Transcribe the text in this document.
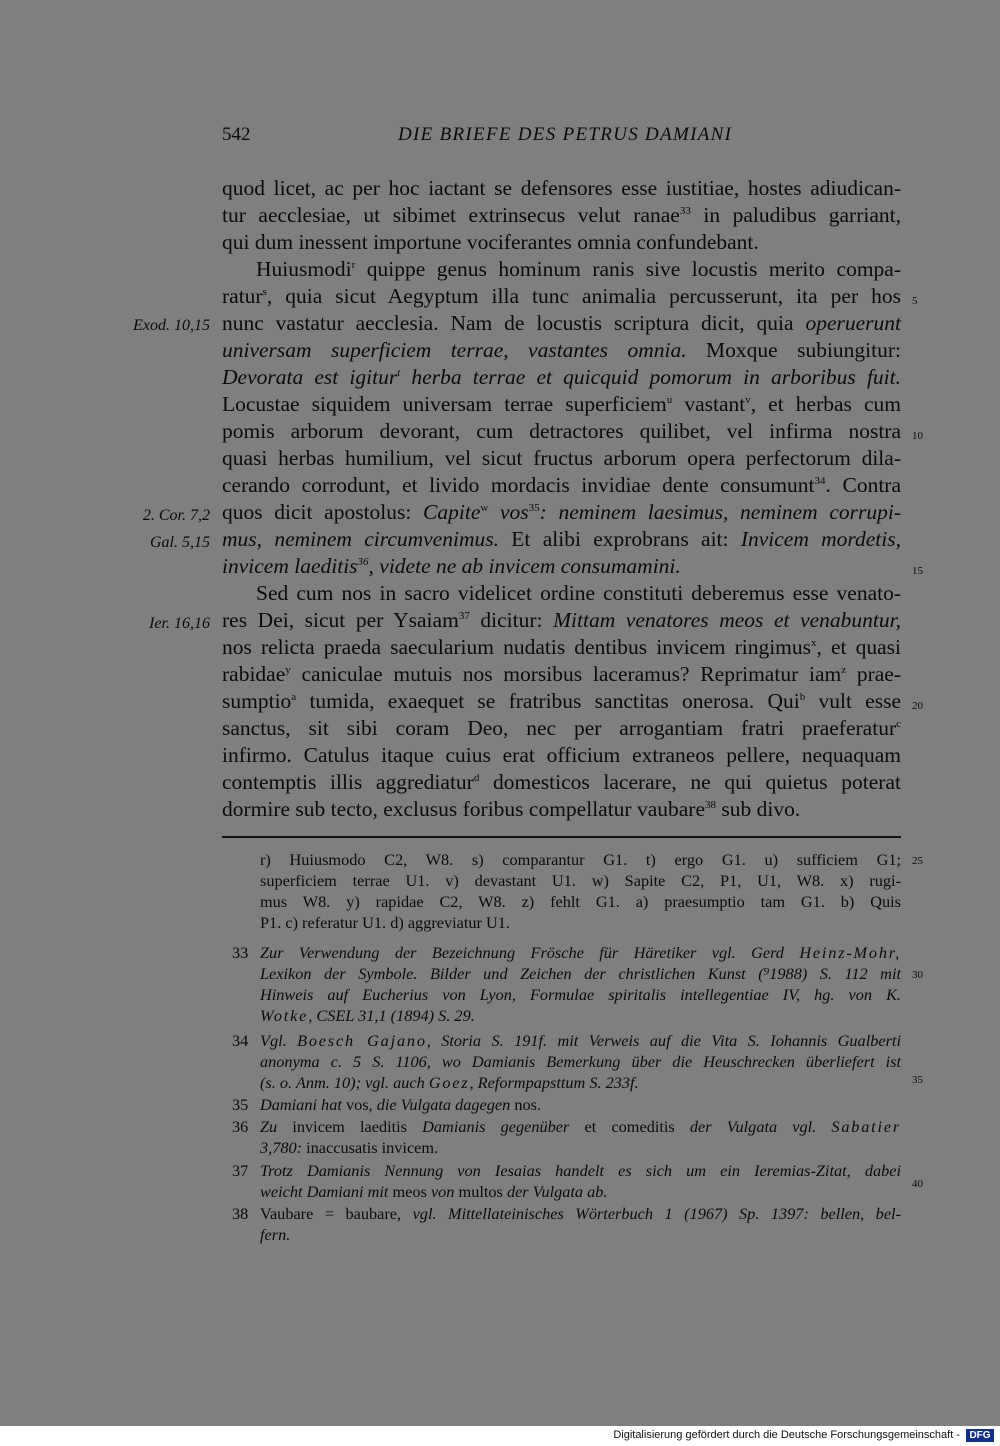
542	DIE BRIEFE DES PETRUS DAMIANI
quod licet, ac per hoc iactant se defensores esse iustitiae, hostes adiudican-
tur aecclesiae, ut sibimet extrinsecus velut ranae$^{33}$ in paludibus garriant,
qui dum inessent importune vociferantes omnia confundebant.
Huiusmodi$^r$ quippe genus hominum ranis sive locustis merito compa-
ratur$^s$, quia sicut Aegyptum illa tunc animalia percusserunt, ita per hos
nunc vastatur aecclesia. Nam de locustis scriptura dicit, quia operuerunt
universam superficiem terrae, vastantes omnia. Moxque subiungitur:
Devorata est igitur$^t$ herba terrae et quicquid pomorum in arboribus fuit.
Locustae siquidem universam terrae superficiem$^u$ vastant$^v$, et herbas cum
pomis arborum devorant, cum detractores quilibet, vel infirma nostra
quasi herbas humilium, vel sicut fructus arborum opera perfectorum dila-
cerando corrodunt, et livido mordacis invidiae dente consumunt$^{34}$. Contra
quos dicit apostolus: Capite$^w$ vos$^{35}$: neminem laesimus, neminem corrupi-
mus, neminem circumvenimus. Et alibi exprobrans ait: Invicem mordetis,
invicem laeditis$^{36}$, videte ne ab invicem consumamini.
Sed cum nos in sacro videlicet ordine constituti deberemus esse venato-
res Dei, sicut per Ysaiam$^{37}$ dicitur: Mittam venatores meos et venabuntur,
nos relicta praeda saecularium nudatis dentibus invicem ringimus$^x$, et quasi
rabidae$^y$ caniculae mutuis nos morsibus laceramus? Reprimatur iam$^z$ prae-
sumptio$^a$ tumida, exaequet se fratribus sanctitas onerosa. Qui$^b$ vult esse
sanctus, sit sibi coram Deo, nec per arrogantiam fratri praeferatur$^c$
infirmo. Catulus itaque cuius erat officium extraneos pellere, nequaquam
contemptis illis aggrediatur$^d$ domesticos lacerare, ne qui quietus poterat
dormire sub tecto, exclusus foribus compellatur vaubare$^{38}$ sub divo.
Exod. 10,15
2. Cor. 7,2
Gal. 5,15
Ier. 16,16
5
10
15
20
25
30
35
40
r) Huiusmodo C2, W8. s) comparantur G1. t) ergo G1. u) sufficiem G1;
superficiem terrae U1. v) devastant U1. w) Sapite C2, P1, U1, W8. x) rugi-
mus W8. y) rapidae C2, W8. z) fehlt G1. a) praesumptio tam G1. b) Quis
P1. c) referatur U1. d) aggreviatur U1.
33 Zur Verwendung der Bezeichnung Frösche für Häretiker vgl. Gerd Heinz-Mohr,
Lexikon der Symbole. Bilder und Zeichen der christlichen Kunst (⁹1988) S. 112 mit
Hinweis auf Eucherius von Lyon, Formulae spiritalis intellegentiae IV, hg. von K.
Wotke, CSEL 31,1 (1894) S. 29.
34 Vgl. Boesch Gajano, Storia S. 191f. mit Verweis auf die Vita S. Iohannis Gualberti
anonyma c. 5 S. 1106, wo Damianis Bemerkung über die Heuschrecken überliefert ist
(s. o. Anm. 10); vgl. auch Goez, Reformpapsttum S. 233f.
35 Damiani hat vos, die Vulgata dagegen nos.
36 Zu invicem laeditis Damianis gegenüber et comeditis der Vulgata vgl. Sabatier
3,780: inaccusatis invicem.
37 Trotz Damianis Nennung von Iesaias handelt es sich um ein Ieremias-Zitat, dabei
weicht Damiani mit meos von multos der Vulgata ab.
38 Vaubare = baubare, vgl. Mittellateinisches Wörterbuch 1 (1967) Sp. 1397: bellen, bel-
fern.
Digitalisierung gefördert durch die Deutsche Forschungsgemeinschaft - DFG
